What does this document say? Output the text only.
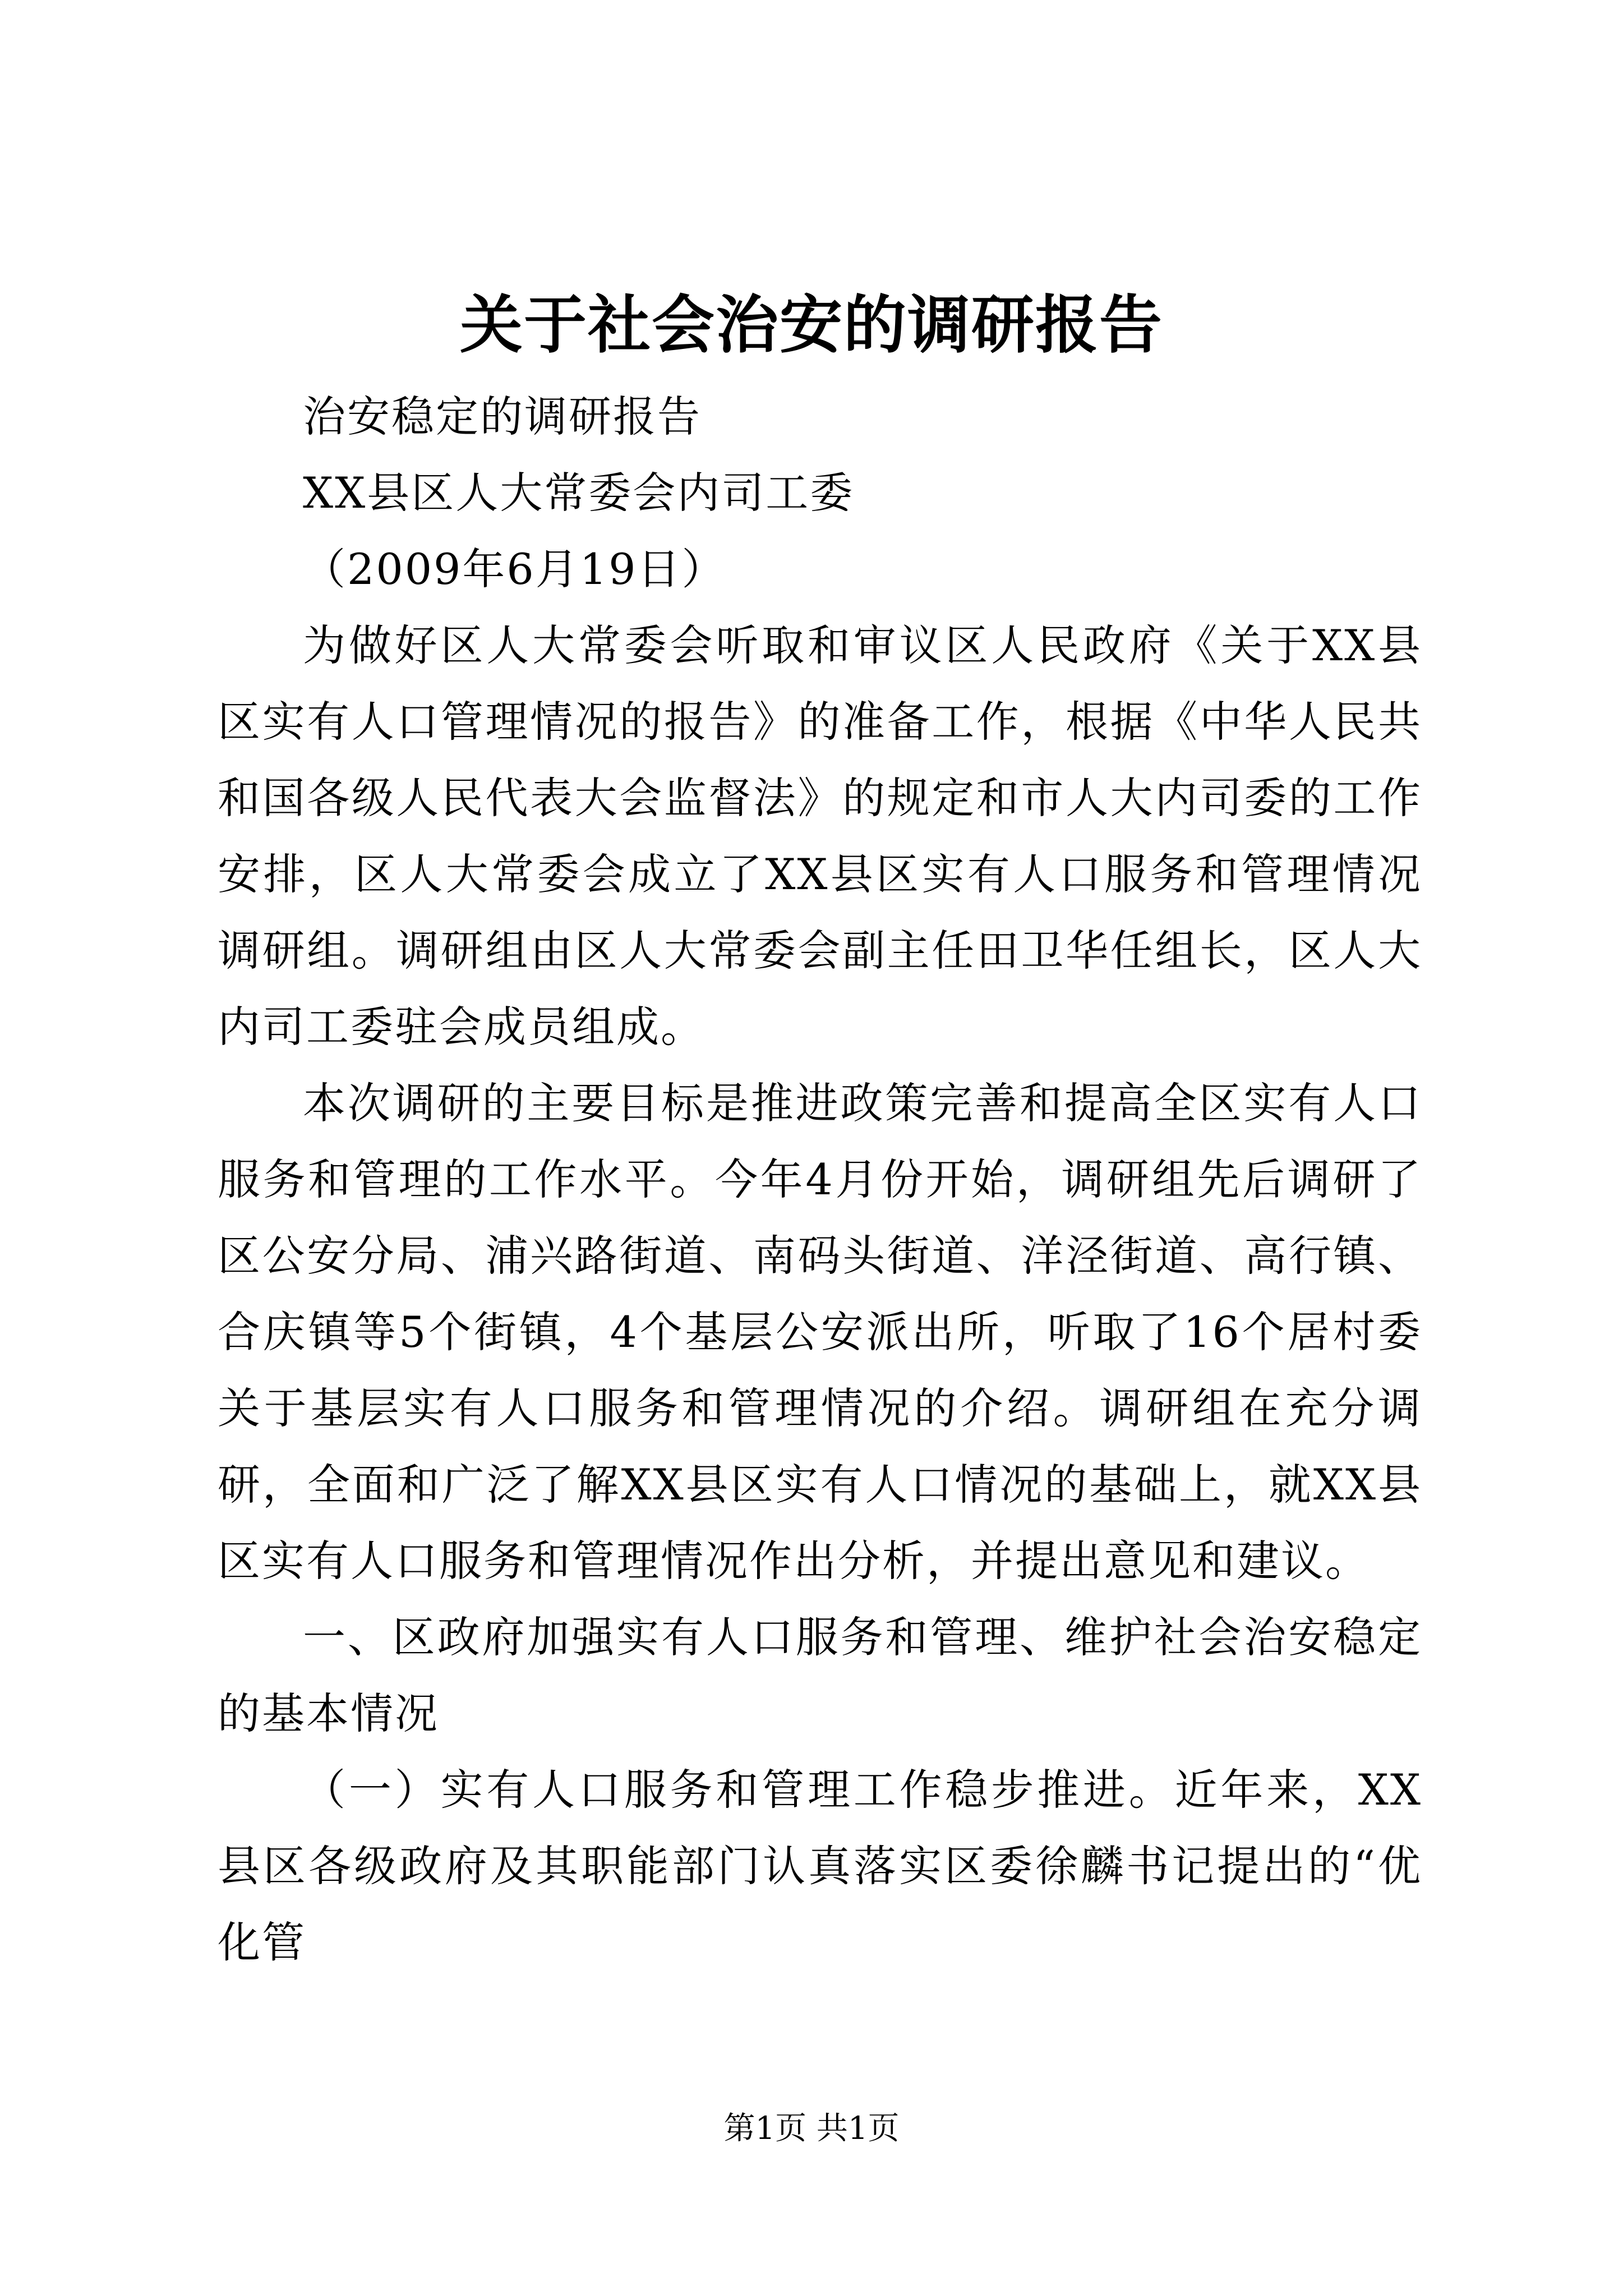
关于社会治安的调研报告

治安稳定的调研报告

XX县区人大常委会内司工委

（2009年6月19日）

为做好区人大常委会听取和审议区人民政府《关于XX县区实有人口管理情况的报告》的准备工作，根据《中华人民共和国各级人民代表大会监督法》的规定和市人大内司委的工作安排，区人大常委会成立了XX县区实有人口服务和管理情况调研组。调研组由区人大常委会副主任田卫华任组长，区人大内司工委驻会成员组成。

本次调研的主要目标是推进政策完善和提高全区实有人口服务和管理的工作水平。今年4月份开始，调研组先后调研了区公安分局、浦兴路街道、南码头街道、洋泾街道、高行镇、合庆镇等5个街镇，4个基层公安派出所，听取了16个居村委关于基层实有人口服务和管理情况的介绍。调研组在充分调研，全面和广泛了解XX县区实有人口情况的基础上，就XX县区实有人口服务和管理情况作出分析，并提出意见和建议。

一、区政府加强实有人口服务和管理、维护社会治安稳定的基本情况

（一）实有人口服务和管理工作稳步推进。近年来，XX县区各级政府及其职能部门认真落实区委徐麟书记提出的“优化管

第1页 共1页
